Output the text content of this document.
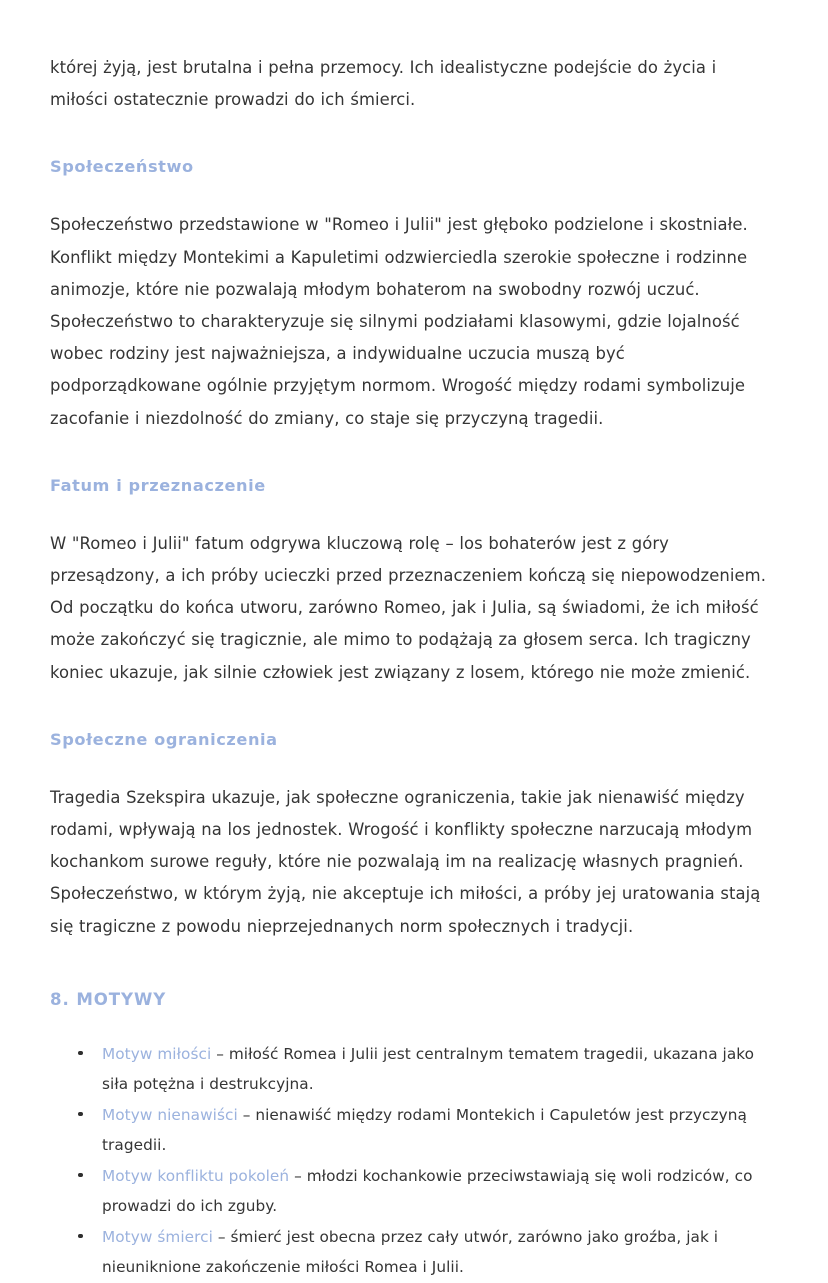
której żyją, jest brutalna i pełna przemocy. Ich idealistyczne podejście do życia i miłości ostatecznie prowadzi do ich śmierci.

Społeczeństwo

Społeczeństwo przedstawione w "Romeo i Julii" jest głęboko podzielone i skostniałe. Konflikt między Montekimi a Kapuletimi odzwierciedla szerokie społeczne i rodzinne animozje, które nie pozwalają młodym bohaterom na swobodny rozwój uczuć. Społeczeństwo to charakteryzuje się silnymi podziałami klasowymi, gdzie lojalność wobec rodziny jest najważniejsza, a indywidualne uczucia muszą być podporządkowane ogólnie przyjętym normom. Wrogość między rodami symbolizuje zacofanie i niezdolność do zmiany, co staje się przyczyną tragedii.

Fatum i przeznaczenie

W "Romeo i Julii" fatum odgrywa kluczową rolę – los bohaterów jest z góry przesądzony, a ich próby ucieczki przed przeznaczeniem kończą się niepowodzeniem. Od początku do końca utworu, zarówno Romeo, jak i Julia, są świadomi, że ich miłość może zakończyć się tragicznie, ale mimo to podążają za głosem serca. Ich tragiczny koniec ukazuje, jak silnie człowiek jest związany z losem, którego nie może zmienić.

Społeczne ograniczenia

Tragedia Szekspira ukazuje, jak społeczne ograniczenia, takie jak nienawiść między rodami, wpływają na los jednostek. Wrogość i konflikty społeczne narzucają młodym kochankom surowe reguły, które nie pozwalają im na realizację własnych pragnień. Społeczeństwo, w którym żyją, nie akceptuje ich miłości, a próby jej uratowania stają się tragiczne z powodu nieprzejednanych norm społecznych i tradycji.

8. MOTYWY
Motyw miłości – miłość Romea i Julii jest centralnym tematem tragedii, ukazana jako siła potężna i destrukcyjna.
Motyw nienawiści – nienawiść między rodami Montekich i Capuletów jest przyczyną tragedii.
Motyw konfliktu pokoleń – młodzi kochankowie przeciwstawiają się woli rodziców, co prowadzi do ich zguby.
Motyw śmierci – śmierć jest obecna przez cały utwór, zarówno jako groźba, jak i nieuniknione zakończenie miłości Romea i Julii.
